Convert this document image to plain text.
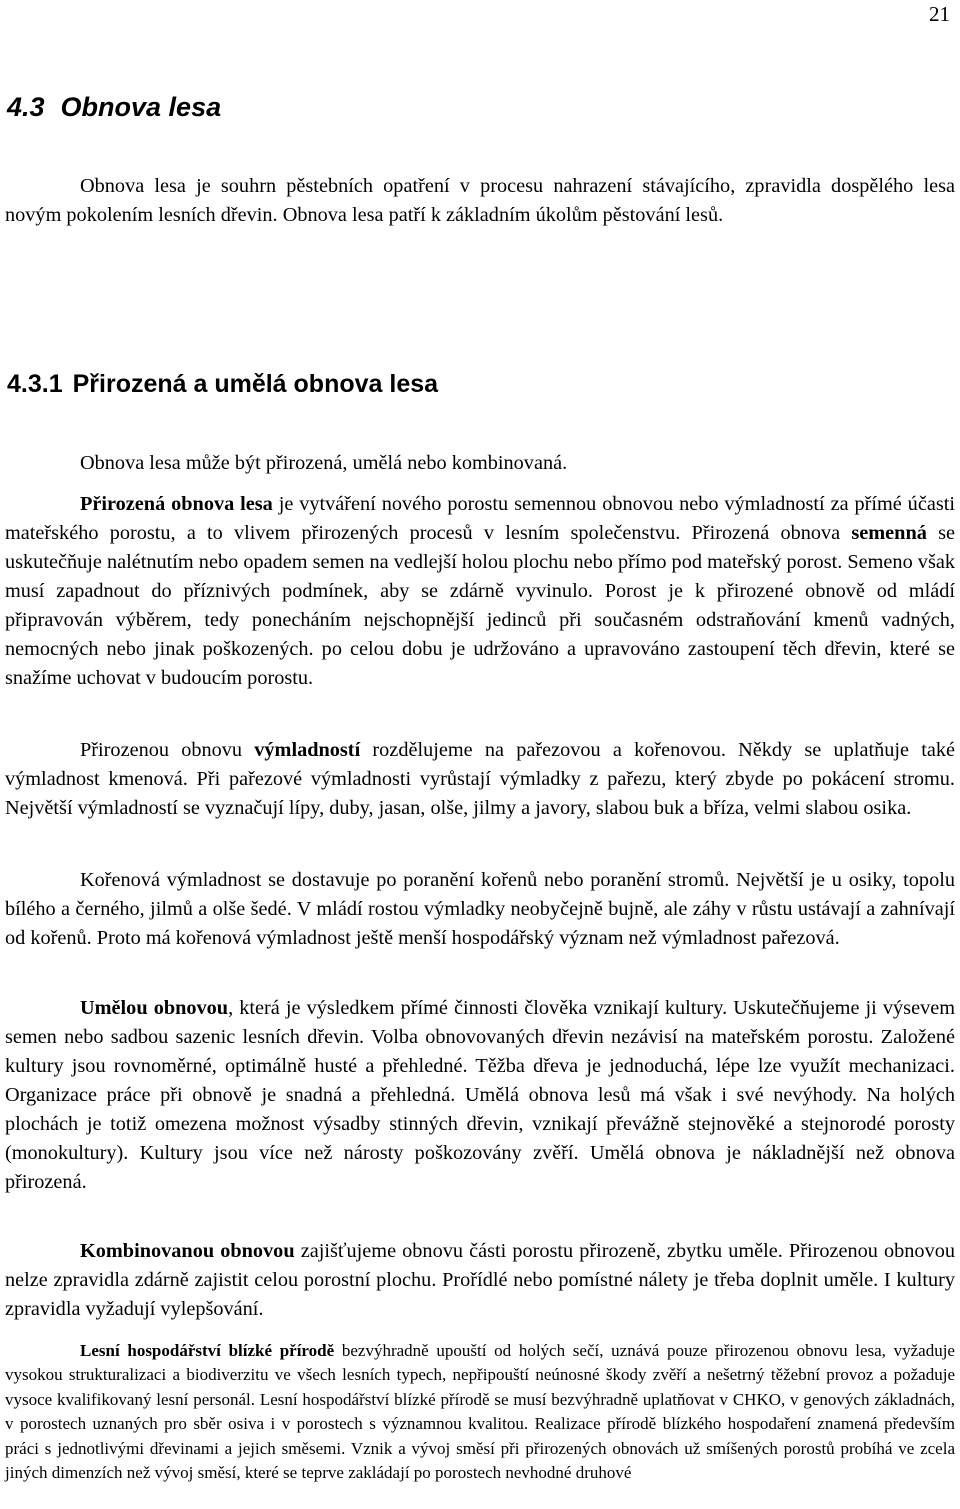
21
4.3 Obnova lesa

Obnova lesa je souhrn pěstebních opatření v procesu nahrazení stávajícího, zpravidla dospělého lesa novým pokolením lesních dřevin. Obnova lesa patří k základním úkolům pěstování lesů.

4.3.1 Přirozená a umělá obnova lesa

Obnova lesa může být přirozená, umělá nebo kombinovaná.

Přirozená obnova lesa je vytváření nového porostu semennou obnovou nebo výmladností za přímé účasti mateřského porostu, a to vlivem přirozených procesů v lesním společenstvu. Přirozená obnova semenná se uskutečňuje nalétnutím nebo opadem semen na vedlejší holou plochu nebo přímo pod mateřský porost. Semeno však musí zapadnout do příznivých podmínek, aby se zdárně vyvinulo. Porost je k přirozené obnově od mládí připravován výběrem, tedy ponecháním nejschopnější jedinců při současném odstraňování kmenů vadných, nemocných nebo jinak poškozených. po celou dobu je udržováno a upravováno zastoupení těch dřevin, které se snažíme uchovat v budoucím porostu.

Přirozenou obnovu výmladností rozdělujeme na pařezovou a kořenovou. Někdy se uplatňuje také výmladnost kmenová. Při pařezové výmladnosti vyrůstají výmladky z pařezu, který zbyde po pokácení stromu. Největší výmladností se vyznačují lípy, duby, jasan, olše, jilmy a javory, slabou buk a bříza, velmi slabou osika.

Kořenová výmladnost se dostavuje po poranění kořenů nebo poranění stromů. Největší je u osiky, topolu bílého a černého, jilmů a olše šedé. V mládí rostou výmladky neobyčejně bujně, ale záhy v růstu ustávají a zahnívají od kořenů. Proto má kořenová výmladnost ještě menší hospodářský význam než výmladnost pařezová.

Umělou obnovou, která je výsledkem přímé činnosti člověka vznikají kultury. Uskutečňujeme ji výsevem semen nebo sadbou sazenic lesních dřevin. Volba obnovovaných dřevin nezávisí na mateřském porostu. Založené kultury jsou rovnoměrné, optimálně husté a přehledné. Těžba dřeva je jednoduchá, lépe lze využít mechanizaci. Organizace práce při obnově je snadná a přehledná. Umělá obnova lesů má však i své nevýhody. Na holých plochách je totiž omezena možnost výsadby stinných dřevin, vznikají převážně stejnověké a stejnorodé porosty (monokultury). Kultury jsou více než nárosty poškozovány zvěří. Umělá obnova je nákladnější než obnova přirozená.

Kombinovanou obnovou zajišťujeme obnovu části porostu přirozeně, zbytku uměle. Přirozenou obnovou nelze zpravidla zdárně zajistit celou porostní plochu. Prořídlé nebo pomístné nálety je třeba doplnit uměle. I kultury zpravidla vyžadují vylepšování.

Lesní hospodářství blízké přírodě bezvýhradně upouští od holých sečí, uznává pouze přirozenou obnovu lesa, vyžaduje vysokou strukturalizaci a biodiverzitu ve všech lesních typech, nepřipouští neúnosné škody zvěří a nešetrný těžební provoz a požaduje vysoce kvalifikovaný lesní personál. Lesní hospodářství blízké přírodě se musí bezvýhradně uplatňovat v CHKO, v genových základnách, v porostech uznaných pro sběr osiva i v porostech s významnou kvalitou. Realizace přírodě blízkého hospodaření znamená především práci s jednotlivými dřevinami a jejich směsemi. Vznik a vývoj směsí při přirozených obnovách už smíšených porostů probíhá ve zcela jiných dimenzích než vývoj směsí, které se teprve zakládají po porostech nevhodné druhové
